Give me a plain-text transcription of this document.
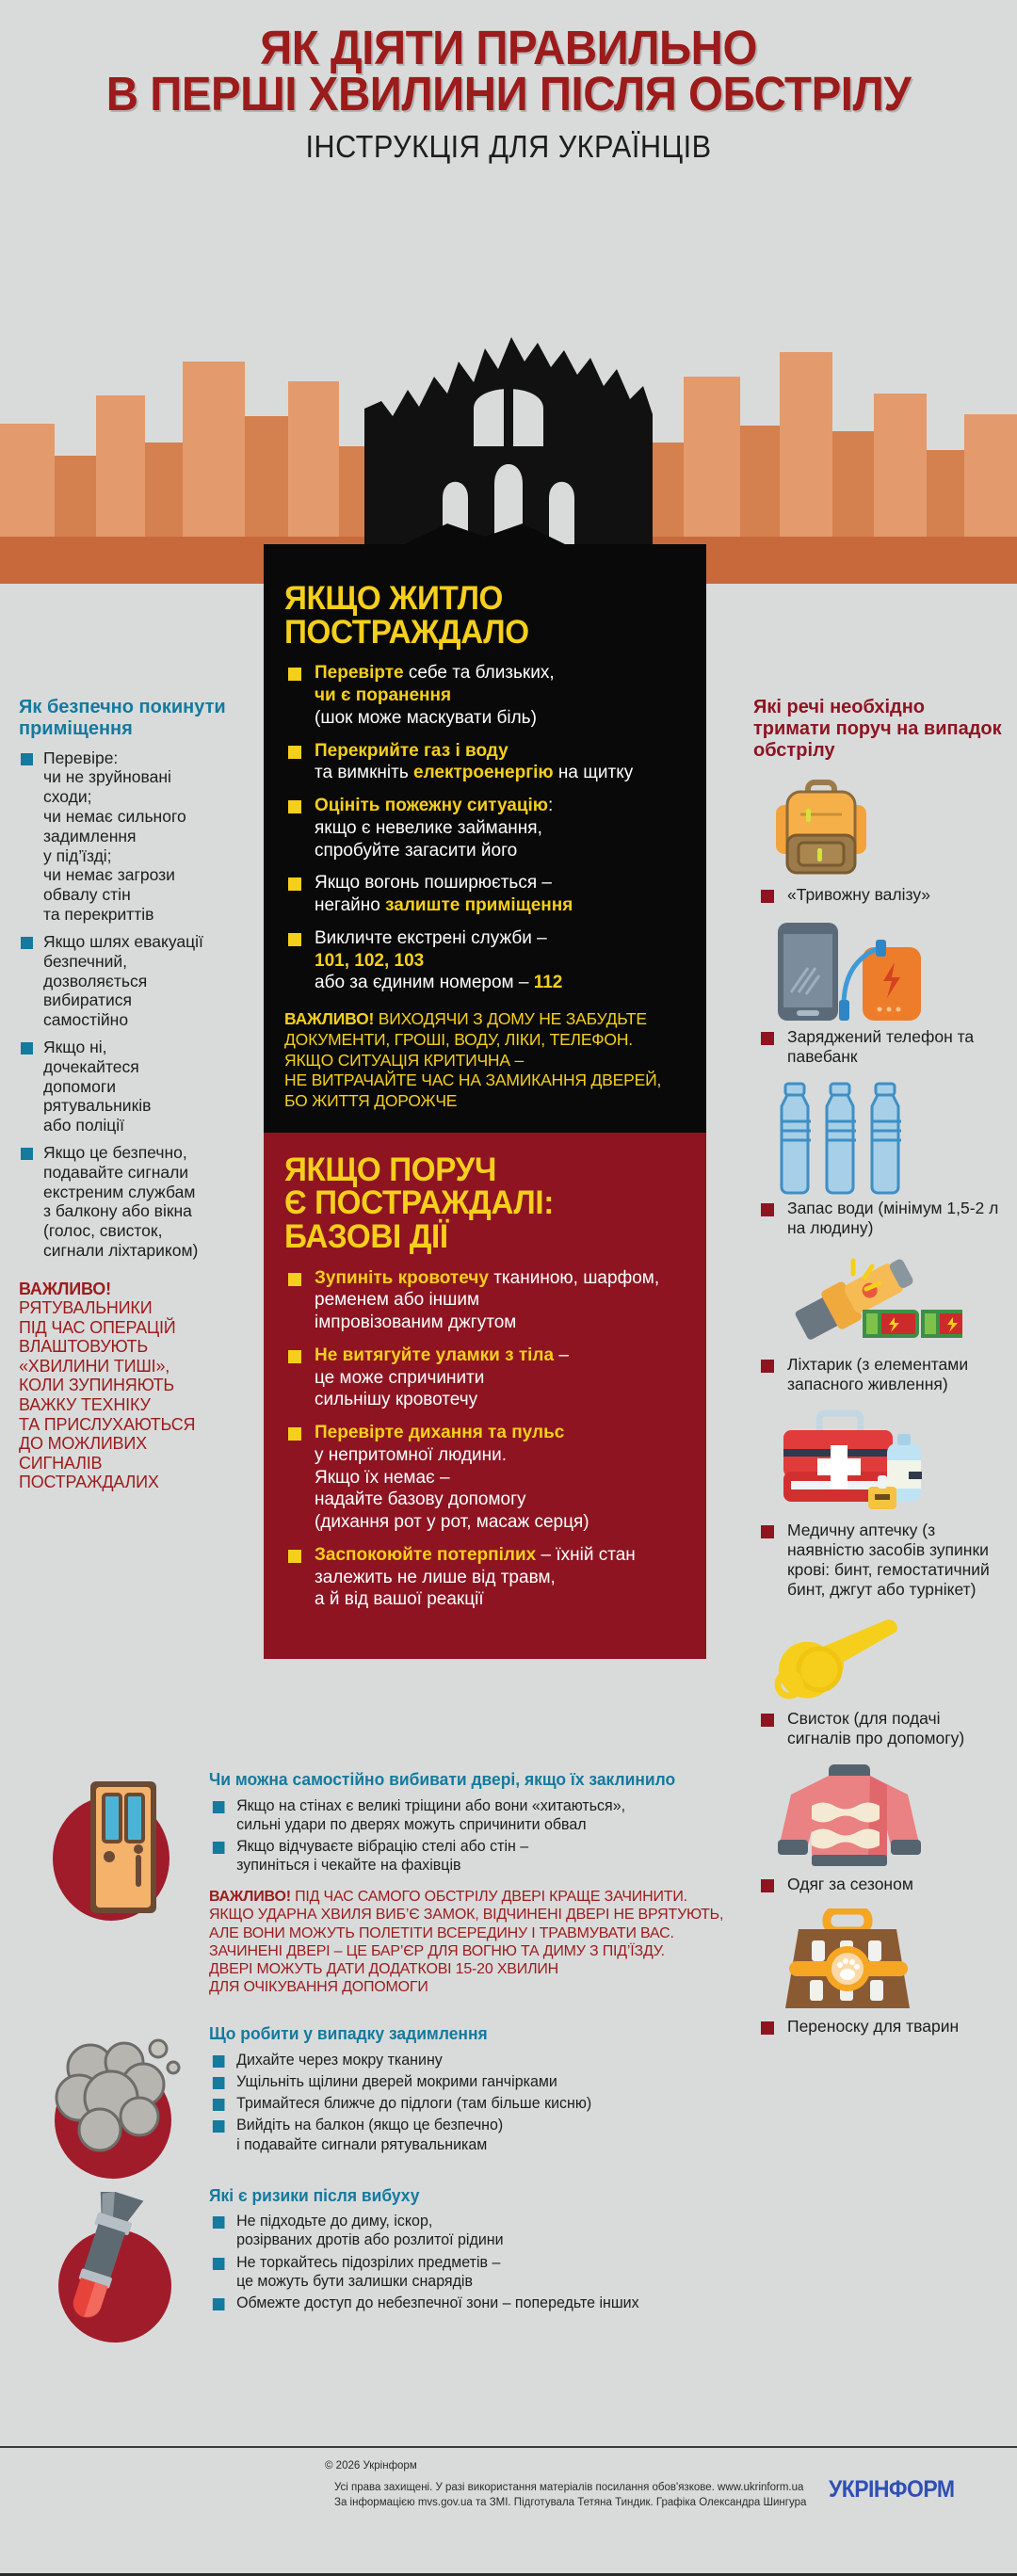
ЯК ДІЯТИ ПРАВИЛЬНО
В ПЕРШІ ХВИЛИНИ ПІСЛЯ ОБСТРІЛУ
ІНСТРУКЦІЯ ДЛЯ УКРАЇНЦІВ
ЯКЩО ЖИТЛО ПОСТРАЖДАЛО
Перевірте себе та близьких,
чи є поранення
(шок може маскувати біль)
Перекрийте газ і воду
та вимкніть електроенергію на щитку
Оцініть пожежну ситуацію:
якщо є невелике займання,
спробуйте загасити його
Якщо вогонь поширюється –
негайно залиште приміщення
Викличте екстрені служби –
101, 102, 103
або за єдиним номером – 112
ВАЖЛИВО! ВИХОДЯЧИ З ДОМУ НЕ ЗАБУДЬТЕ
ДОКУМЕНТИ, ГРОШІ, ВОДУ, ЛІКИ, ТЕЛЕФОН.
ЯКЩО СИТУАЦІЯ КРИТИЧНА –
НЕ ВИТРАЧАЙТЕ ЧАС НА ЗАМИКАННЯ ДВЕРЕЙ,
БО ЖИТТЯ ДОРОЖЧЕ
ЯКЩО ПОРУЧ
Є ПОСТРАЖДАЛІ:
БАЗОВІ ДІЇ
Зупиніть кровотечу тканиною, шарфом,
ременем або іншим
імпровізованим джгутом
Не витягуйте уламки з тіла –
це може спричинити
сильнішу кровотечу
Перевірте дихання та пульс
у непритомної людини.
Якщо їх немає –
надайте базову допомогу
(дихання рот у рот, масаж серця)
Заспокоюйте потерпілих – їхній стан
залежить не лише від травм,
а й від вашої реакції
Як безпечно покинути приміщення
Перевіре:
чи не зруйновані
сходи;
чи немає сильного
задимлення
у під’їзді;
чи немає загрози
обвалу стін
та перекриттів
Якщо шлях евакуації
безпечний,
дозволяється
вибиратися
самостійно
Якщо ні,
дочекайтеся
допомоги
рятувальників
або поліції
Якщо це безпечно,
подавайте сигнали
екстреним службам
з балкону або вікна
(голос, свисток,
сигнали ліхтариком)
ВАЖЛИВО!
РЯТУВАЛЬНИКИ
ПІД ЧАС ОПЕРАЦІЙ
ВЛАШТОВУЮТЬ
«ХВИЛИНИ ТИШІ»,
КОЛИ ЗУПИНЯЮТЬ
ВАЖКУ ТЕХНІКУ
ТА ПРИСЛУХАЮТЬСЯ
ДО МОЖЛИВИХ
СИГНАЛІВ
ПОСТРАЖДАЛИХ
Які речі необхідно тримати поруч на випадок обстрілу
«Тривожну валізу»
Заряджений телефон та павебанк
Запас води (мінімум 1,5-2 л на людину)
Ліхтарик (з елементами запасного живлення)
Медичну аптечку (з наявністю засобів зупинки крові: бинт, гемостатичний бинт, джгут або турнікет)
Свисток (для подачі сигналів про допомогу)
Одяг за сезоном
Переноску для тварин
Чи можна самостійно вибивати двері, якщо їх заклинило
Якщо на стінах є великі тріщини або вони «хитаються»,
сильні удари по дверях можуть спричинити обвал
Якщо відчуваєте вібрацію стелі або стін –
зупиніться і чекайте на фахівців
ВАЖЛИВО! ПІД ЧАС САМОГО ОБСТРІЛУ ДВЕРІ КРАЩЕ ЗАЧИНИТИ.
ЯКЩО УДАРНА ХВИЛЯ ВИБ’Є ЗАМОК, ВІДЧИНЕНІ ДВЕРІ НЕ ВРЯТУЮТЬ,
АЛЕ ВОНИ МОЖУТЬ ПОЛЕТІТИ ВСЕРЕДИНУ І ТРАВМУВАТИ ВАС.
ЗАЧИНЕНІ ДВЕРІ – ЦЕ БАР’ЄР ДЛЯ ВОГНЮ ТА ДИМУ З ПІД’ЇЗДУ.
ДВЕРІ МОЖУТЬ ДАТИ ДОДАТКОВІ 15-20 ХВИЛИН
ДЛЯ ОЧІКУВАННЯ ДОПОМОГИ
Що робити у випадку задимлення
Дихайте через мокру тканину
Ущільніть щілини дверей мокрими ганчірками
Тримайтеся ближче до підлоги (там більше кисню)
Вийдіть на балкон (якщо це безпечно)
і подавайте сигнали рятувальникам
Які є ризики після вибуху
Не підходьте до диму, іскор,
розірваних дротів або розлитої рідини
Не торкайтесь підозрілих предметів –
це можуть бути залишки снарядів
Обмежте доступ до небезпечної зони – попередьте інших
© 2026 Укрінформ
Усі права захищені. У разі використання матеріалів посилання обов'язкове. www.ukrinform.ua
За інформацією mvs.gov.ua та ЗМІ. Підготувала Тетяна Тиндик. Графіка Олександра Шингура
УКРІНФОРМ
